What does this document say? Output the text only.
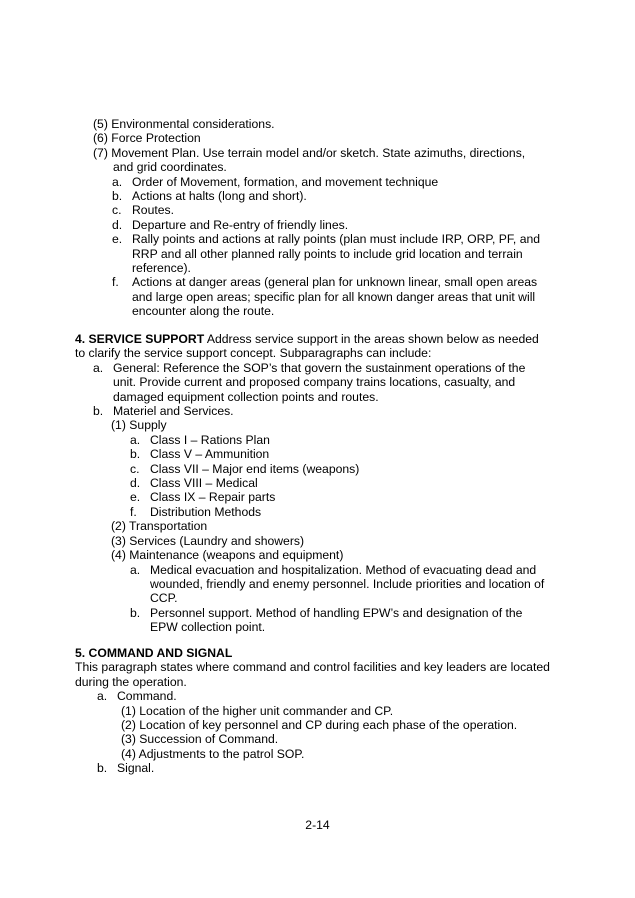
(5) Environmental considerations.
(6) Force Protection
(7) Movement Plan. Use terrain model and/or sketch. State azimuths, directions,
and grid coordinates.
a. Order of Movement, formation, and movement technique
b. Actions at halts (long and short).
c. Routes.
d. Departure and Re-entry of friendly lines.
e. Rally points and actions at rally points (plan must include IRP, ORP, PF, and
RRP and all other planned rally points to include grid location and terrain
reference).
f.	Actions at danger areas (general plan for unknown linear, small open areas
and large open areas; specific plan for all known danger areas that unit will
encounter along the route.
4. SERVICE SUPPORT Address service support in the areas shown below as needed
to clarify the service support concept. Subparagraphs can include:
a. General: Reference the SOP’s that govern the sustainment operations of the
unit. Provide current and proposed company trains locations, casualty, and
damaged equipment collection points and routes.
b. Materiel and Services.
(1) Supply
a. Class I – Rations Plan
b. Class V – Ammunition
c. Class VII – Major end items (weapons)
d. Class VIII – Medical
e. Class IX – Repair parts
f.	Distribution Methods
(2) Transportation
(3) Services (Laundry and showers)
(4) Maintenance (weapons and equipment)
a. Medical evacuation and hospitalization. Method of evacuating dead and
wounded, friendly and enemy personnel. Include priorities and location of
CCP.
b. Personnel support. Method of handling EPW’s and designation of the
EPW collection point.
5. COMMAND AND SIGNAL
This paragraph states where command and control facilities and key leaders are located
during the operation.
a. Command.
(1) Location of the higher unit commander and CP.
(2) Location of key personnel and CP during each phase of the operation.
(3) Succession of Command.
(4) Adjustments to the patrol SOP.
b. Signal.
2-14
